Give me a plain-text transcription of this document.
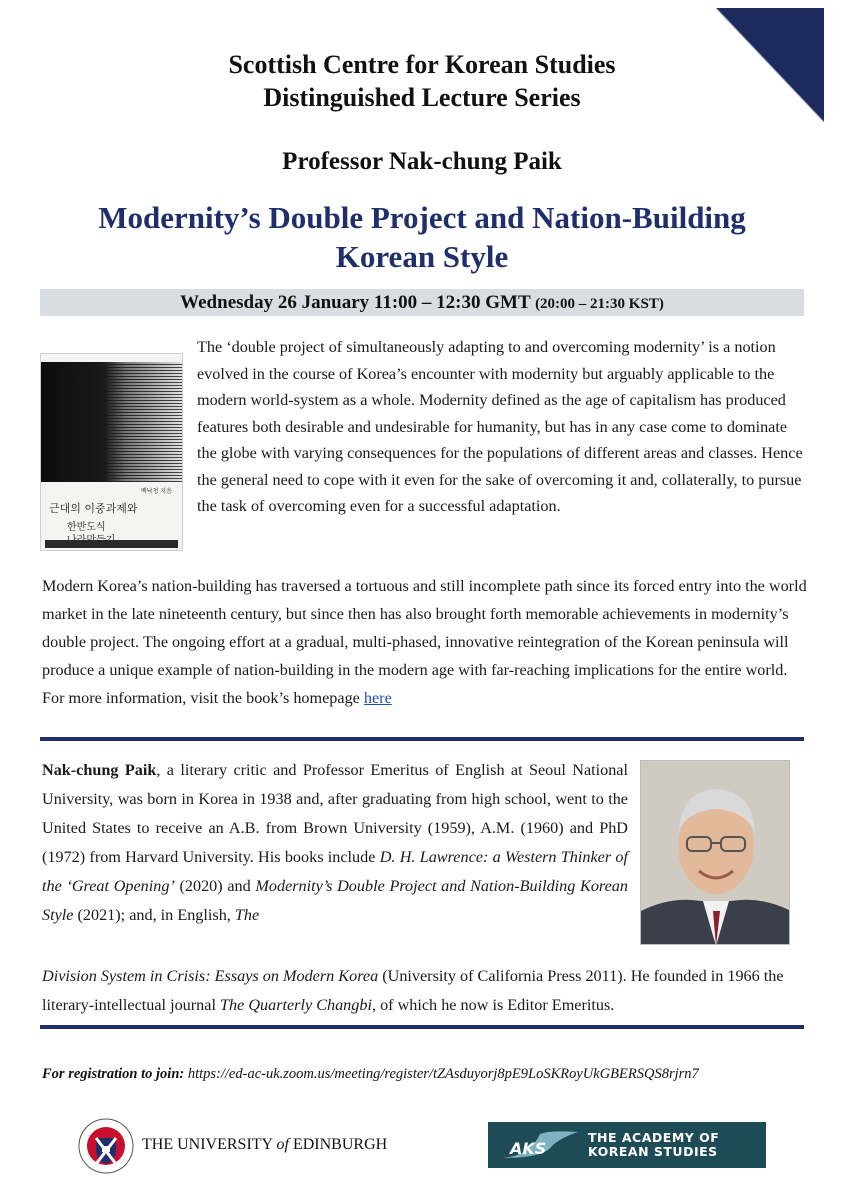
Scottish Centre for Korean Studies
Distinguished Lecture Series
Professor Nak-chung Paik
Modernity’s Double Project and Nation-Building
Korean Style
Wednesday 26 January 11:00 – 12:30 GMT (20:00 – 21:30 KST)
백낙청 지음
근대의 이중과제와
한반도식

The ‘double project of simultaneously adapting to and overcoming modernity’ is a notion evolved in the course of Korea’s encounter with modernity but arguably applicable to the modern world-system as a whole. Modernity defined as the age of capitalism has produced features both desirable and undesirable for humanity, but has in any case come to dominate the globe with varying consequences for the populations of different areas and classes. Hence the general need to cope with it even for the sake of overcoming it and, collaterally, to pursue the task of overcoming even for a successful adaptation.

Modern Korea’s nation-building has traversed a tortuous and still incomplete path since its forced entry into the world market in the late nineteenth century, but since then has also brought forth memorable achievements in modernity’s double project. The ongoing effort at a gradual, multi-phased, innovative reintegration of the Korean peninsula will produce a unique example of nation-building in the modern age with far-reaching implications for the entire world. For more information, visit the book’s homepage here

Nak-chung Paik, a literary critic and Professor Emeritus of English at Seoul National University, was born in Korea in 1938 and, after graduating from high school, went to the United States to receive an A.B. from Brown University (1959), A.M. (1960) and PhD (1972) from Harvard University. His books include D. H. Lawrence: a Western Thinker of the ‘Great Opening’ (2020) and Modernity’s Double Project and Nation-Building Korean Style (2021); and, in English, The

Division System in Crisis: Essays on Modern Korea (University of California Press 2011). He founded in 1966 the literary-intellectual journal The Quarterly Changbi, of which he now is Editor Emeritus.

For registration to join: https://ed-ac-uk.zoom.us/meeting/register/tZAsduyorj8pE9LoSKRoyUkGBERSQS8rjrn7
THE UNIVERSITY of EDINBURGH	AKS
THE ACADEMY OF
KOREAN STUDIES
